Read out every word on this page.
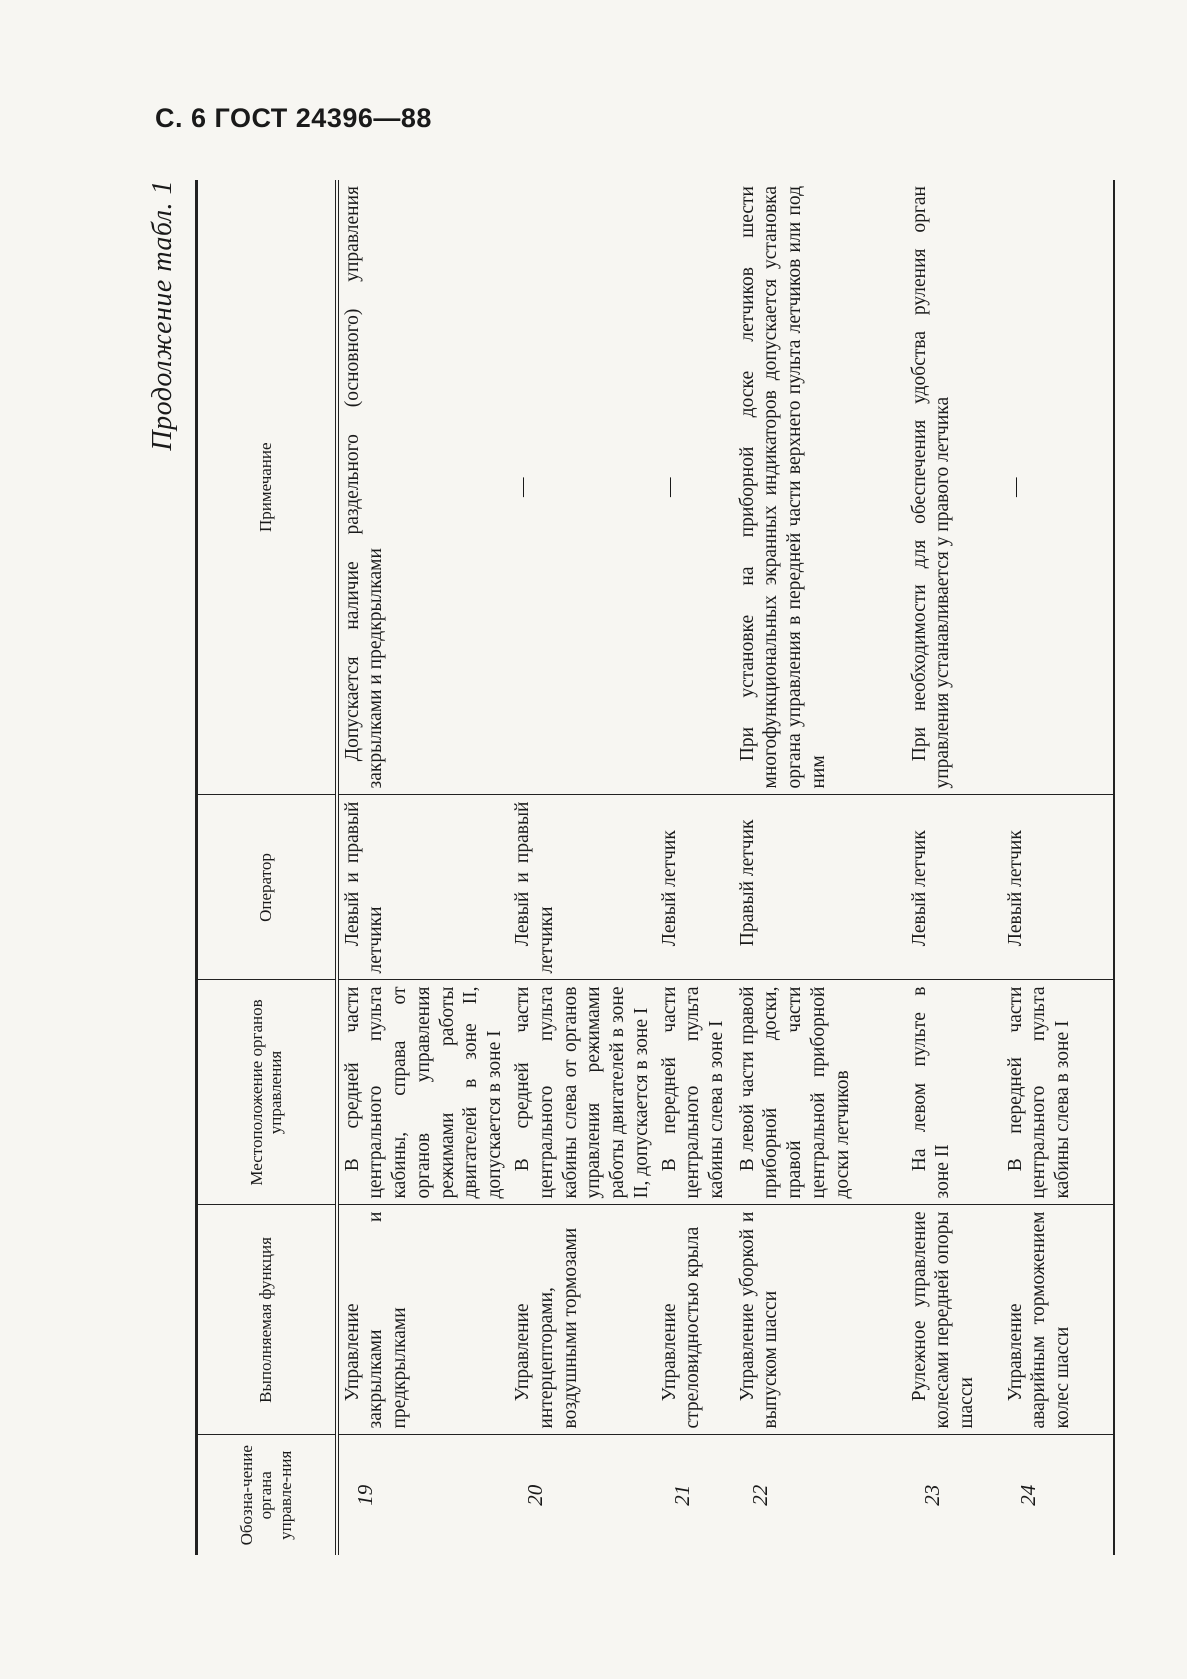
С. 6 ГОСТ 24396—88
Продолжение табл. 1
Обозна-чение органа управле-ния	Выполняемая функция	Местоположение органов управления	Оператор	Примечание
19	Управление закрылками и предкрылками	В средней части центрального пульта кабины, справа от органов управления режимами работы двигателей в зоне II, допускается в зоне I	Левый и правый летчики	Допускается наличие раздельного (основного) управления закрылками и предкрылками
20	Управление интерцепторами, воздушными тормозами	В средней части центрального пульта кабины слева от органов управления режимами работы двигателей в зоне II, допускается в зоне I	Левый и правый летчики	—
21	Управление стреловидностью крыла	В передней части центрального пульта кабины слева в зоне I	Левый летчик	—
22	Управление уборкой и выпуском шасси	В левой части правой приборной доски, правой части центральной приборной доски летчиков	Правый летчик	При установке на приборной доске летчиков шести многофункциональных экранных индикаторов допускается установка органа управления в передней части верхнего пульта летчиков или под ним
23	Рулежное управление колесами передней опоры шасси	На левом пульте в зоне II	Левый летчик	При необходимости для обеспечения удобства руления орган управления устанавливается у правого летчика
24	Управление аварийным торможением колес шасси	В передней части центрального пульта кабины слева в зоне I	Левый летчик	—
